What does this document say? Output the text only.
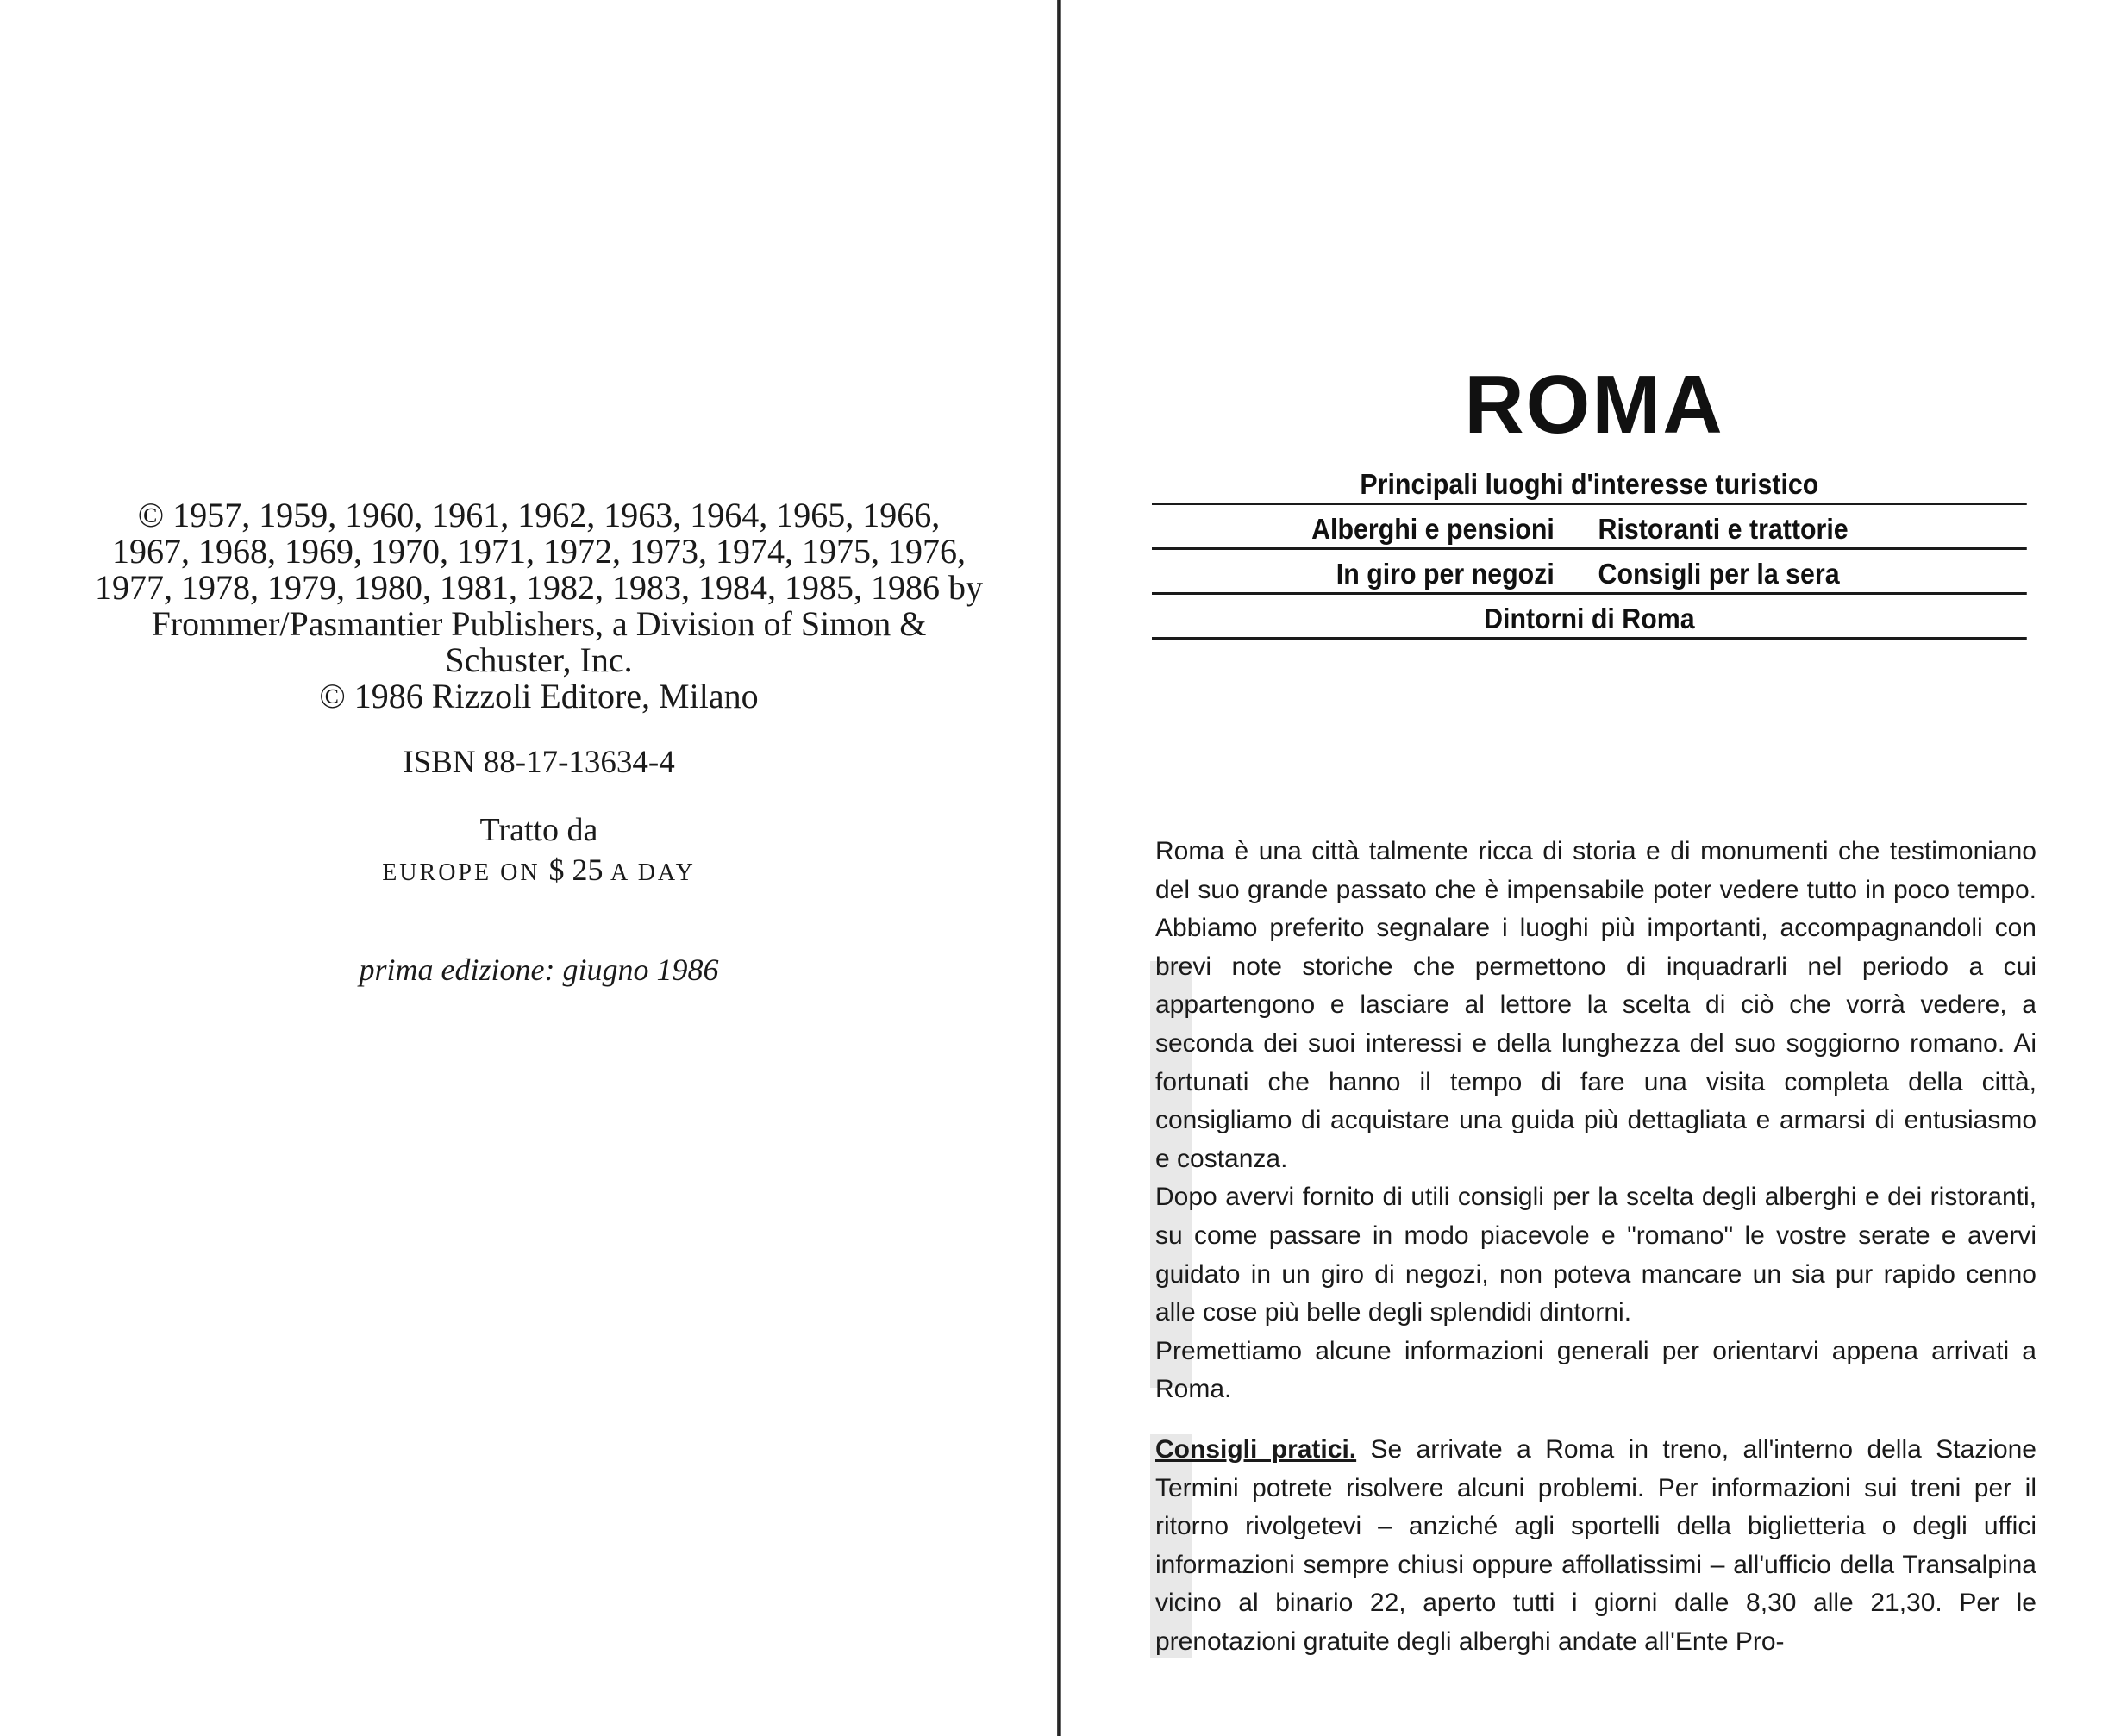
© 1957, 1959, 1960, 1961, 1962, 1963, 1964, 1965, 1966, 1967, 1968, 1969, 1970, 1971, 1972, 1973, 1974, 1975, 1976, 1977, 1978, 1979, 1980, 1981, 1982, 1983, 1984, 1985, 1986 by Frommer/Pasmantier Publishers, a Division of Simon & Schuster, Inc.

© 1986 Rizzoli Editore, Milano

ISBN 88-17-13634-4
Tratto da
EUROPE ON $ 25 A DAY
prima edizione: giugno 1986
ROMA
Principali luoghi d'interesse turistico
Alberghi e pensioni Ristoranti e trattorie
In giro per negozi Consigli per la sera
Dintorni di Roma

Roma è una città talmente ricca di storia e di monumenti che testimoniano del suo grande passato che è impensabile poter vedere tutto in poco tempo. Abbiamo preferito segnalare i luoghi più importanti, accompagnandoli con brevi note storiche che permettono di inquadrarli nel periodo a cui appartengono e lasciare al lettore la scelta di ciò che vorrà vedere, a seconda dei suoi interessi e della lunghezza del suo soggiorno romano. Ai fortunati che hanno il tempo di fare una visita completa della città, consigliamo di acquistare una guida più dettagliata e armarsi di entusiasmo e costanza.

Dopo avervi fornito di utili consigli per la scelta degli alberghi e dei ristoranti, su come passare in modo piacevole e "romano" le vostre serate e avervi guidato in un giro di negozi, non poteva mancare un sia pur rapido cenno alle cose più belle degli splendidi dintorni.

Premettiamo alcune informazioni generali per orientarvi appena arrivati a Roma.

Consigli pratici. Se arrivate a Roma in treno, all'interno della Stazione Termini potrete risolvere alcuni problemi. Per informazioni sui treni per il ritorno rivolgetevi – anziché agli sportelli della biglietteria o degli uffici informazioni sempre chiusi oppure affollatissimi – all'ufficio della Transalpina vicino al binario 22, aperto tutti i giorni dalle 8,30 alle 21,30. Per le prenotazioni gratuite degli alberghi andate all'Ente Pro-
